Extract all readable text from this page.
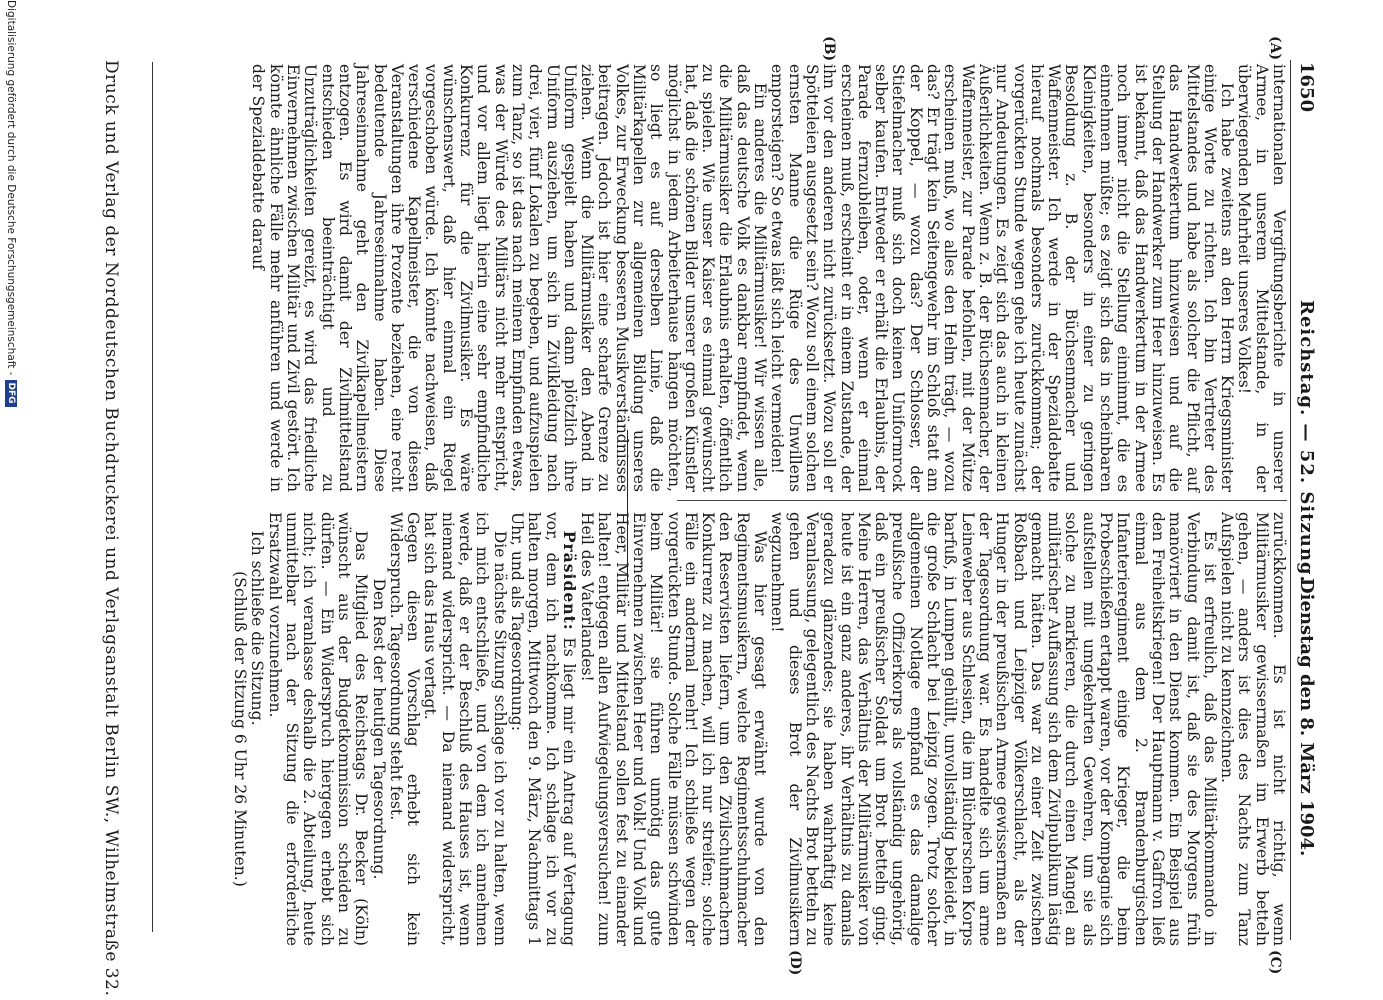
1650
Reichstag. — 52. Sitzung.
Dienstag den 8. März 1904.
(A)
(B)
(C)
(D)

internationalen Vergiftungsberichte in unserer Armee, in unserem Mittelstande, in der überwiegenden Mehrheit unseres Volkes!

Ich habe zweitens an den Herrn Kriegsminister einige Worte zu richten. Ich bin Vertreter des Mittelstandes und habe als solcher die Pflicht, auf das Handwerkertum hinzuweisen und auf die Stellung der Handwerker zum Heer hinzuweisen. Es ist bekannt, daß das Handwerkertum in der Armee noch immer nicht die Stellung einnimmt, die es einnehmen müßte; es zeigt sich das in scheinbaren Kleinigkeiten, besonders in einer zu geringen Besoldung z. B. der Büchsenmacher und Waffenmeister. Ich werde in der Spezialdebatte hierauf nochmals besonders zurückkommen; der vorgerückten Stunde wegen gehe ich heute zunächst nur Andeutungen. Es zeigt sich das auch in kleinen Äußerlichkeiten. Wenn z. B. der Büchsenmacher, der Waffenmeister, zur Parade befohlen, mit der Mütze erscheinen muß, wo alles den Helm trägt, — wozu das? Er trägt kein Seitengewehr im Schloß statt am der Koppel, — wozu das? Der Schlosser, der Stiefelmacher muß sich doch keinen Uniformrock selber kaufen. Entweder er erhält die Erlaubnis, der Parade fernzubleiben, oder, wenn er einmal erscheinen muß, erscheint er in einem Zustande, der ihn vor den anderen nicht zurücksetzt. Wozu soll er Spötteleien ausgesetzt sein? Wozu soll einem solchen ernsten Manne die Rüge des Unwillens emporsteigen? So etwas läßt sich leicht vermeiden!

Ein anderes die Militärmusiker! Wir wissen alle, daß das deutsche Volk es dankbar empfindet, wenn die Militärmusiker die Erlaubnis erhalten, öffentlich zu spielen. Wie unser Kaiser es einmal gewünscht hat, daß die schönen Bilder unserer großen Künstler möglichst in jedem Arbeiterhause hängen möchten, so liegt es auf derselben Linie, daß die Militärkapellen zur allgemeinen Bildung unseres Volkes, zur Erweckung besseren Musikverständnisses beitragen. Jedoch ist hier eine scharfe Grenze zu ziehen. Wenn die Militärmusiker den Abend in Uniform gespielt haben und dann plötzlich ihre Uniform ausziehen, um sich in Zivilkleidung nach drei, vier, fünf Lokalen zu begeben, und aufzuspielen zum Tanz, so ist das nach meinem Empfinden etwas, was der Würde des Militärs nicht mehr entspricht, und vor allem liegt hierin eine sehr empfindliche Konkurrenz für die Zivilmusiker. Es wäre wünschenswert, daß hier einmal ein Riegel vorgeschoben würde. Ich könnte nachweisen, daß verschiedene Kapellmeister, die von diesen Veranstaltungen ihre Prozente beziehen, eine recht bedeutende Jahreseinnahme haben. Diese Jahreseinnahme geht den Zivilkapellmeistern entzogen. Es wird damit der Zivilmittelstand entschieden beeinträchtigt und zu Unzuträglichkeiten gereizt, es wird das friedliche Einvernehmen zwischen Militär und Zivil gestört. Ich könnte ähnliche Fälle mehr anführen und werde in der Spezialdebatte darauf

zurückkommen. Es ist nicht richtig, wenn Militärmusiker gewissermaßen im Erwerb betteln gehen, — anders ist dies des Nachts zum Tanz Aufspielen nicht zu kennzeichnen.

Es ist erfreulich, daß das Militärkommando in Verbindung damit ist, daß sie des Morgens früh manövriert in den Dienst kommen. Ein Beispiel aus den Freiheitskriegen! Der Hauptmann v. Gaffron ließ einmal aus dem 2. Brandenburgischen Infanterieregiment einige Krieger, die beim Probeschießen ertappt waren, vor der Kompagnie sich aufstellen mit umgekehrten Gewehren, um sie als solche zu markieren, die durch einen Mangel an militärischer Auffassung sich dem Zivilpublikum lästig gemacht hätten. Das war zu einer Zeit zwischen Roßbach und Leipziger Völkerschlacht, als der Hunger in der preußischen Armee gewissermaßen an der Tagesordnung war. Es handelte sich um arme Leineweber aus Schlesien, die im Blücherschen Korps barfuß, in Lumpen gehüllt, unvollständig bekleidet, in die große Schlacht bei Leipzig zogen. Trotz solcher allgemeinen Notlage empfand es das damalige preußische Offizierkorps als vollständig ungehörig, daß ein preußischer Soldat um Brot betteln ging. Meine Herren, das Verhältnis der Militärmusiker von heute ist ein ganz anderes, ihr Verhältnis zu damals geradezu glänzendes; sie haben wahrhaftig keine Veranlassung, gelegentlich des Nachts Brot betteln zu gehen und dieses Brot der Zivilmusikern wegzunehmen!

Was hier gesagt erwähnt wurde von den Regimentsmusikern, welche Regimentsschuhmacher den Reservisten liefern, um den Zivilschuhmachern Konkurrenz zu machen, will ich nur streifen; solche Fälle ein andermal mehr! Ich schließe wegen der vorgerückten Stunde. Solche Fälle müssen schwinden beim Militär! sie führen unnötig das gute Einvernehmen zwischen Heer und Volk! Und Volk und Heer, Militär und Mittelstand sollen fest zu einander halten! entgegen allen Aufwiegelungsversuchen! zum Heil des Vaterlandes!

Präsident: Es liegt mir ein Antrag auf Vertagung vor, dem ich nachkomme. Ich schlage ich vor zu halten morgen, Mittwoch den 9. März, Nachmittags 1 Uhr, und als Tagesordnung:

Die nächste Sitzung schlage ich vor zu halten, wenn ich mich entschließe, und von dem ich annehmen werde, daß er der Beschluß des Hauses ist, wenn niemand widerspricht. — Da niemand widerspricht, hat sich das Haus vertagt.

Gegen diesen Vorschlag erhebt sich kein Widerspruch. Tagesordnung steht fest.

Den Rest der heutigen Tagesordnung.

Das Mitglied des Reichstags Dr. Becker (Köln) wünscht aus der Budgetkommission scheiden zu dürfen. — Ein Widerspruch hiergegen erhebt sich nicht; ich veranlasse deshalb die 2. Abteilung, heute unmittelbar nach der Sitzung die erforderliche Ersatzwahl vorzunehmen.

Ich schließe die Sitzung.

(Schluß der Sitzung 6 Uhr 26 Minuten.)

Druck und Verlag der Norddeutschen Buchdruckerei und Verlagsanstalt Berlin SW., Wilhelmstraße 32.
Digitalisierung gefördert durch die Deutsche Forschungsgemeinschaft -DFG
